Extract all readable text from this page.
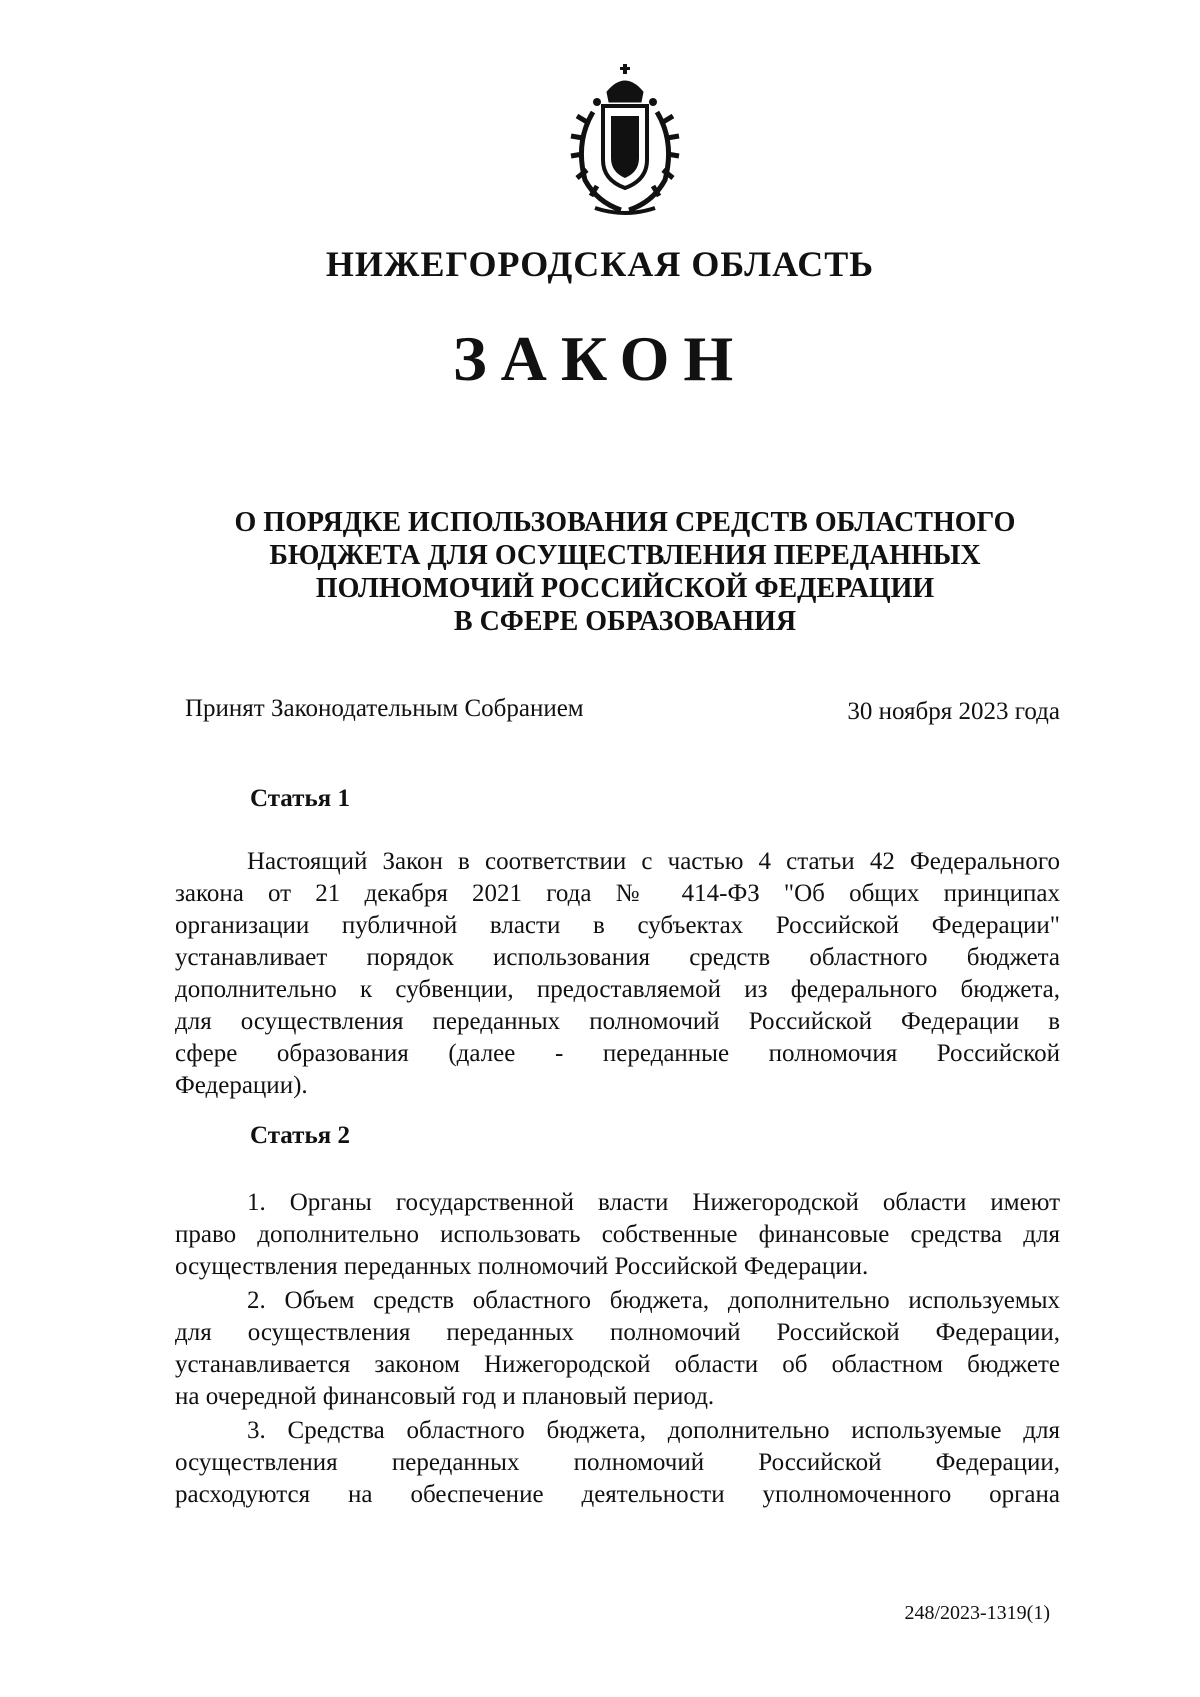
НИЖЕГОРОДСКАЯ ОБЛАСТЬ
ЗАКОН
О ПОРЯДКЕ ИСПОЛЬЗОВАНИЯ СРЕДСТВ ОБЛАСТНОГО
БЮДЖЕТА ДЛЯ ОСУЩЕСТВЛЕНИЯ ПЕРЕДАННЫХ
ПОЛНОМОЧИЙ РОССИЙСКОЙ ФЕДЕРАЦИИ
В СФЕРЕ ОБРАЗОВАНИЯ
Принят Законодательным Собранием	30 ноября 2023 года
Статья 1
Настоящий Закон в соответствии с частью 4 статьи 42 Федерального
закона от 21 декабря 2021 года № 414-ФЗ "Об общих принципах
организации публичной власти в субъектах Российской Федерации"
устанавливает порядок использования средств областного бюджета
дополнительно к субвенции, предоставляемой из федерального бюджета,
для осуществления переданных полномочий Российской Федерации в
сфере образования (далее - переданные полномочия Российской
Федерации).
Статья 2
1. Органы государственной власти Нижегородской области имеют
право дополнительно использовать собственные финансовые средства для
осуществления переданных полномочий Российской Федерации.
2. Объем средств областного бюджета, дополнительно используемых
для осуществления переданных полномочий Российской Федерации,
устанавливается законом Нижегородской области об областном бюджете
на очередной финансовый год и плановый период.
3. Средства областного бюджета, дополнительно используемые для
осуществления переданных полномочий Российской Федерации,
расходуются на обеспечение деятельности уполномоченного органа
248/2023-1319(1)
